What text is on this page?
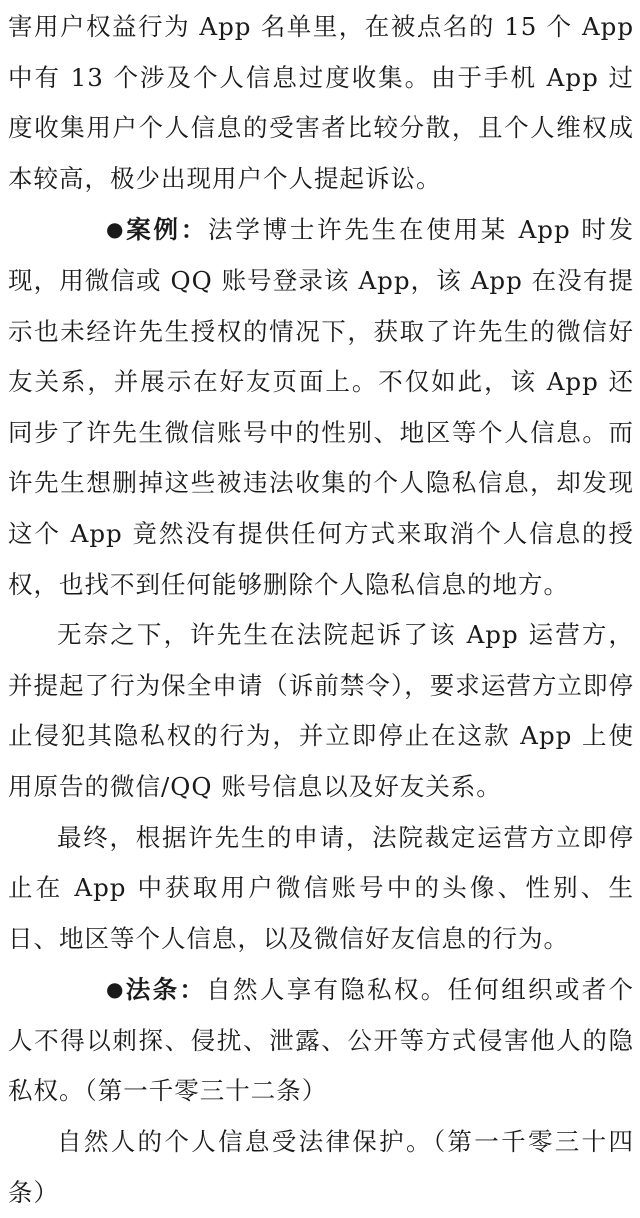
害用户权益行为 App 名单里，在被点名的 15 个 App 中有 13 个涉及个人信息过度收集。由于手机 App 过度收集用户个人信息的受害者比较分散，且个人维权成本较高，极少出现用户个人提起诉讼。

●案例：法学博士许先生在使用某 App 时发现，用微信或 QQ 账号登录该 App，该 App 在没有提示也未经许先生授权的情况下，获取了许先生的微信好友关系，并展示在好友页面上。不仅如此，该 App 还同步了许先生微信账号中的性别、地区等个人信息。而许先生想删掉这些被违法收集的个人隐私信息，却发现这个 App 竟然没有提供任何方式来取消个人信息的授权，也找不到任何能够删除个人隐私信息的地方。

无奈之下，许先生在法院起诉了该 App 运营方，并提起了行为保全申请（诉前禁令），要求运营方立即停止侵犯其隐私权的行为，并立即停止在这款 App 上使用原告的微信/QQ 账号信息以及好友关系。

最终，根据许先生的申请，法院裁定运营方立即停止在 App 中获取用户微信账号中的头像、性别、生日、地区等个人信息，以及微信好友信息的行为。

●法条：自然人享有隐私权。任何组织或者个人不得以刺探、侵扰、泄露、公开等方式侵害他人的隐私权。（第一千零三十二条）

自然人的个人信息受法律保护。（第一千零三十四条）
